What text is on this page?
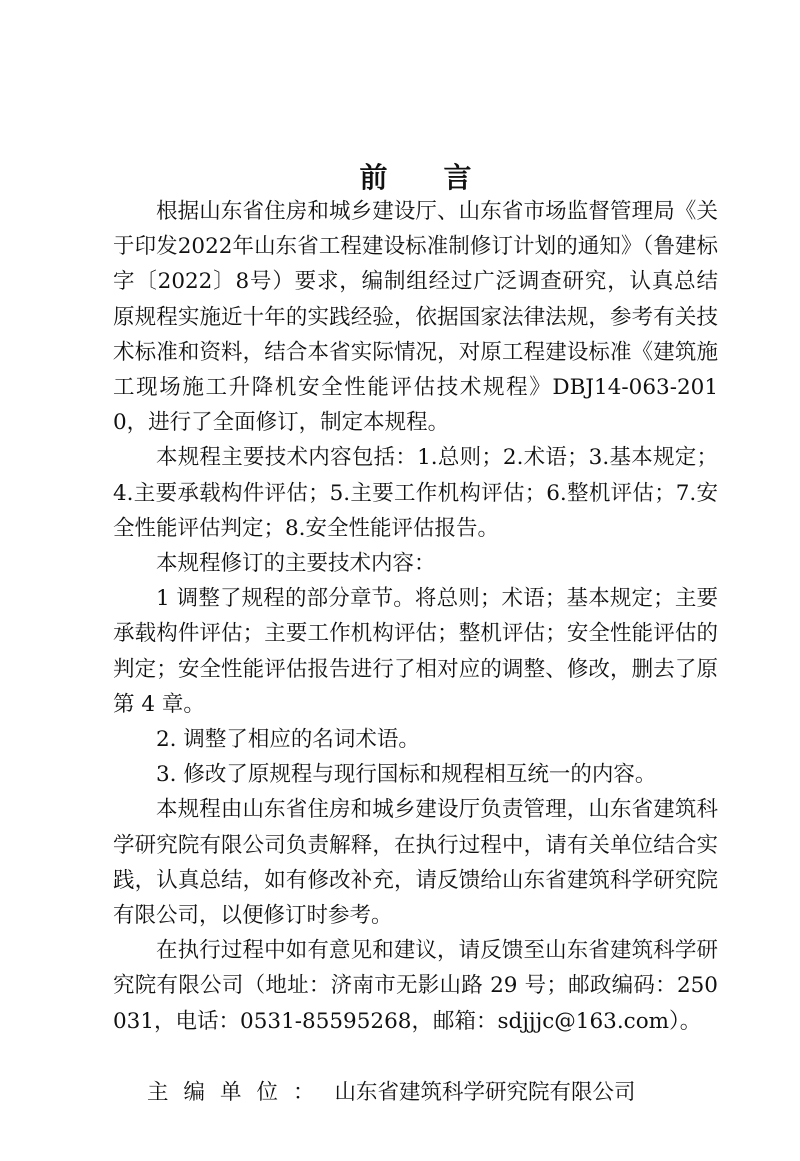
前言

根据山东省住房和城乡建设厅、山东省市场监督管理局《关于印发2022年山东省工程建设标准制修订计划的通知》（鲁建标字〔2022〕8号）要求，编制组经过广泛调查研究，认真总结原规程实施近十年的实践经验，依据国家法律法规，参考有关技术标准和资料，结合本省实际情况，对原工程建设标准《建筑施工现场施工升降机安全性能评估技术规程》DBJ14-063-2010，进行了全面修订，制定本规程。

本规程主要技术内容包括：1.总则；2.术语；3.基本规定；4.主要承载构件评估；5.主要工作机构评估；6.整机评估；7.安全性能评估判定；8.安全性能评估报告。

本规程修订的主要技术内容：

1 调整了规程的部分章节。将总则；术语；基本规定；主要承载构件评估；主要工作机构评估；整机评估；安全性能评估的判定；安全性能评估报告进行了相对应的调整、修改，删去了原第 4 章。

2. 调整了相应的名词术语。

3. 修改了原规程与现行国标和规程相互统一的内容。

本规程由山东省住房和城乡建设厅负责管理，山东省建筑科学研究院有限公司负责解释，在执行过程中，请有关单位结合实践，认真总结，如有修改补充，请反馈给山东省建筑科学研究院有限公司，以便修订时参考。

在执行过程中如有意见和建议，请反馈至山东省建筑科学研究院有限公司（地址：济南市无影山路 29 号；邮政编码：250031，电话：0531-85595268，邮箱：sdjjjc@163.com）。

主编单位： 山东省建筑科学研究院有限公司
